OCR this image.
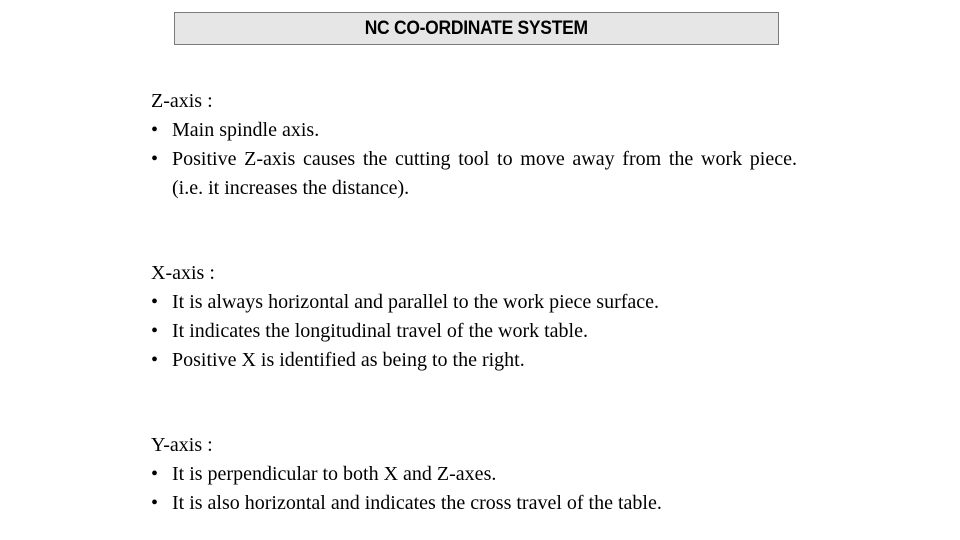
NC CO-ORDINATE SYSTEM
Z-axis :
• Main spindle axis.
• Positive Z-axis causes the cutting tool to move away from the work piece. (i.e. it increases the distance).
X-axis :
• It is always horizontal and parallel to the work piece surface.
• It indicates the longitudinal travel of the work table.
• Positive X is identified as being to the right.
Y-axis :
• It is perpendicular to both X and Z-axes.
• It is also horizontal and indicates the cross travel of the table.
